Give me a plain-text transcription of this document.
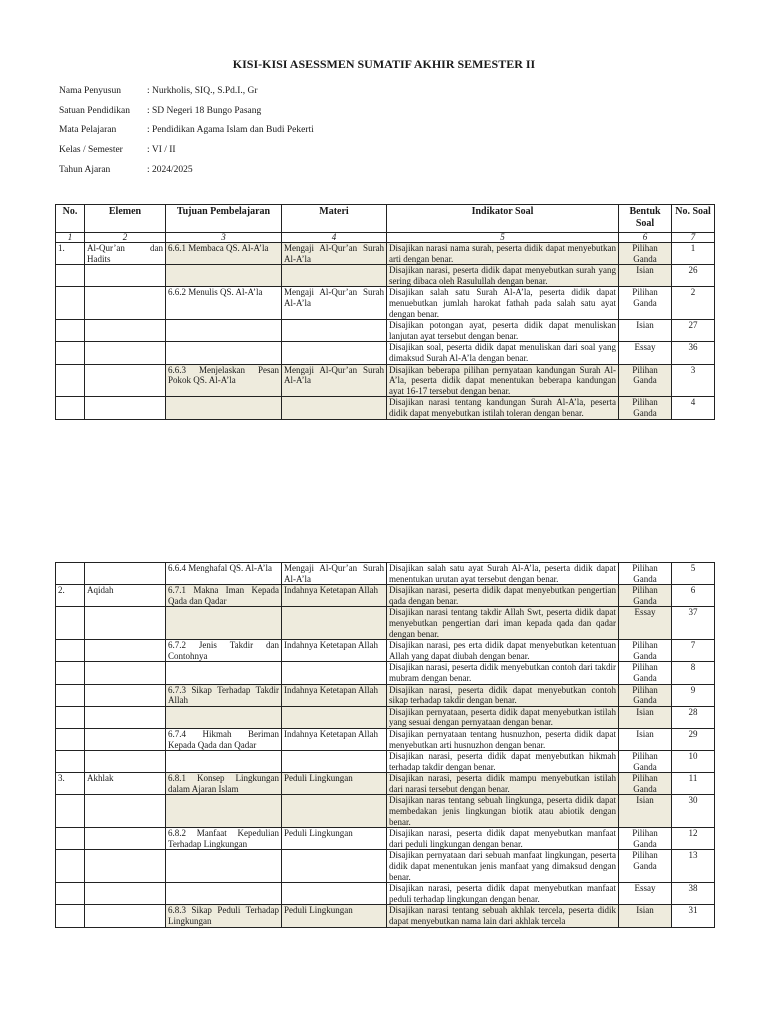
KISI-KISI ASESSMEN SUMATIF AKHIR SEMESTER II
Nama Penyusun	: Nurkholis, SIQ., S.Pd.I., Gr
Satuan Pendidikan	: SD Negeri 18 Bungo Pasang
Mata Pelajaran	: Pendidikan Agama Islam dan Budi Pekerti
Kelas / Semester	: VI / II
Tahun Ajaran	: 2024/2025
No.	Elemen	Tujuan Pembelajaran	Materi	Indikator Soal	Bentuk Soal	No. Soal
1	2	3	4	5	6	7
1.	Al-Qur’an dan Hadits	6.6.1 Membaca QS. Al-A’la	Mengaji Al-Qur’an Surah Al-A’la	Disajikan narasi nama surah, peserta didik dapat menyebutkan arti dengan benar.	Pilihan Ganda	1
				Disajikan narasi, peserta didik dapat menyebutkan surah yang sering dibaca oleh Rasulullah dengan benar.	Isian	26
		6.6.2 Menulis QS. Al-A’la	Mengaji Al-Qur’an Surah Al-A’la	Disajikan salah satu Surah Al-A’la, peserta didik dapat menuebutkan jumlah harokat fathah pada salah satu ayat dengan benar.	Pilihan Ganda	2
				Disajikan potongan ayat, peserta didik dapat menuliskan lanjutan ayat tersebut dengan benar.	Isian	27
				Disajikan soal, peserta didik dapat menuliskan dari soal yang dimaksud Surah Al-A’la dengan benar.	Essay	36
		6.6.3 Menjelaskan Pesan Pokok QS. Al-A’la	Mengaji Al-Qur’an Surah Al-A’la	Disajikan beberapa pilihan pernyataan kandungan Surah Al-A’la, peserta didik dapat menentukan beberapa kandungan ayat 16-17 tersebut dengan benar.	Pilihan Ganda	3
				Disajikan narasi tentang kandungan Surah Al-A’la, peserta didik dapat menyebutkan istilah toleran dengan benar.	Pilihan Ganda	4
		6.6.4 Menghafal QS. Al-A’la	Mengaji Al-Qur’an Surah Al-A’la	Disajikan salah satu ayat Surah Al-A’la, peserta didik dapat menentukan urutan ayat tersebut dengan benar.	Pilihan Ganda	5
2.	Aqidah	6.7.1 Makna Iman Kepada Qada dan Qadar	Indahnya Ketetapan Allah	Disajikan narasi, peserta didik dapat menyebutkan pengertian qada dengan benar.	Pilihan Ganda	6
				Disajikan narasi tentang takdir Allah Swt, peserta didik dapat menyebutkan pengertian dari iman kepada qada dan qadar dengan benar.	Essay	37
		6.7.2 Jenis Takdir dan Contohnya	Indahnya Ketetapan Allah	Disajikan narasi, pes erta didik dapat menyebutkan ketentuan Allah yang dapat diubah dengan benar.	Pilihan Ganda	7
				Disajikan narasi, peserta didik menyebutkan contoh dari takdir mubram dengan benar.	Pilihan Ganda	8
		6.7.3 Sikap Terhadap Takdir Allah	Indahnya Ketetapan Allah	Disajikan narasi, peserta didik dapat menyebutkan contoh sikap terhadap takdir dengan benar.	Pilihan Ganda	9
				Disajikan pernyataan, peserta didik dapat menyebutkan istilah yang sesuai dengan pernyataan dengan benar.	Isian	28
		6.7.4 Hikmah Beriman Kepada Qada dan Qadar	Indahnya Ketetapan Allah	Disajikan pernyataan tentang husnuzhon, peserta didik dapat menyebutkan arti husnuzhon dengan benar.	Isian	29
				Disajikan narasi, peserta didik dapat menyebutkan hikmah terhadap takdir dengan benar.	Pilihan Ganda	10
3.	Akhlak	6.8.1 Konsep Lingkungan dalam Ajaran Islam	Peduli Lingkungan	Disajikan narasi, peserta didik mampu menyebutkan istilah dari narasi tersebut dengan benar.	Pilihan Ganda	11
				Disajikan naras tentang sebuah lingkunga, peserta didik dapat membedakan jenis lingkungan biotik atau abiotik dengan benar.	Isian	30
		6.8.2 Manfaat Kepedulian Terhadap Lingkungan	Peduli Lingkungan	Disajikan narasi, peserta didik dapat menyebutkan manfaat dari peduli lingkungan dengan benar.	Pilihan Ganda	12
				Disajikan pernyataan dari sebuah manfaat lingkungan, peserta didik dapat menentukan jenis manfaat yang dimaksud dengan benar.	Pilihan Ganda	13
				Disajikan narasi, peserta didik dapat menyebutkan manfaat peduli terhadap lingkungan dengan benar.	Essay	38
		6.8.3 Sikap Peduli Terhadap Lingkungan	Peduli Lingkungan	Disajikan narasi tentang sebuah akhlak tercela, peserta didik dapat menyebutkan nama lain dari akhlak tercela	Isian	31
